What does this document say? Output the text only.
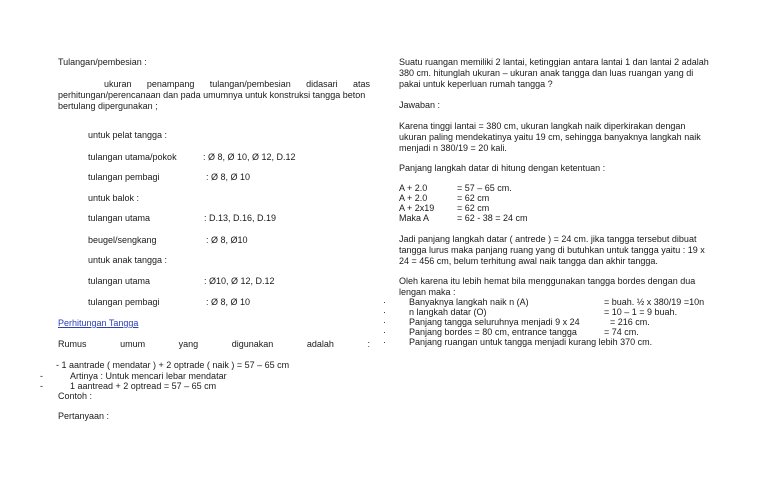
Tulangan/pembesian :
ukuran penampang tulangan/pembesian didasari atas
perhitungan/perencanaan dan pada umumnya untuk konstruksi tangga beton
bertulang dipergunakan ;
untuk pelat tangga :
tulangan utama/pokok	: Ø 8, Ø 10, Ø 12, D.12
tulangan pembagi	: Ø 8, Ø 10
untuk balok :
tulangan utama	: D.13, D.16, D.19
beugel/sengkang	: Ø 8, Ø10
untuk anak tangga :
tulangan utama	: Ø10, Ø 12, D.12
tulangan pembagi	: Ø 8, Ø 10
Perhitungan Tangga
Rumus	umum	yang	digunakan	adalah	:
- 1 aantrade ( mendatar ) + 2 optrade ( naik ) = 57 – 65 cm
-	Artinya : Untuk mencari lebar mendatar
-	1 aantread + 2 optread = 57 – 65 cm
Contoh :
Pertanyaan :
Suatu ruangan memiliki 2 lantai, ketinggian antara lantai 1 dan lantai 2 adalah
380 cm. hitunglah ukuran – ukuran anak tangga dan luas ruangan yang di
pakai untuk keperluan rumah tangga ?
Jawaban :
Karena tinggi lantai = 380 cm, ukuran langkah naik diperkirakan dengan
ukuran paling mendekatinya yaitu 19 cm, sehingga banyaknya langkah naik
menjadi n 380/19 = 20 kali.
Panjang langkah datar di hitung dengan ketentuan :
A + 2.0	= 57 – 65 cm.
A + 2.0	= 62 cm
A + 2x19	= 62 cm
Maka A	= 62 - 38 = 24 cm
Jadi panjang langkah datar ( antrede ) = 24 cm. jika tangga tersebut dibuat
tangga lurus maka panjang ruang yang di butuhkan untuk tangga yaitu : 19 x
24 = 456 cm, belum terhitung awal naik tangga dan akhir tangga.
Oleh karena itu lebih hemat bila menggunakan tangga bordes dengan dua
lengan maka :
·	Banyaknya langkah naik n (A)	= buah. ½ x 380/19 =10n
·	n langkah datar (O)	= 10 – 1 = 9 buah.
·	Panjang tangga seluruhnya menjadi 9 x 24	= 216 cm.
·	Panjang bordes = 80 cm, entrance tangga	= 74 cm.
·	Panjang ruangan untuk tangga menjadi kurang lebih 370 cm.
